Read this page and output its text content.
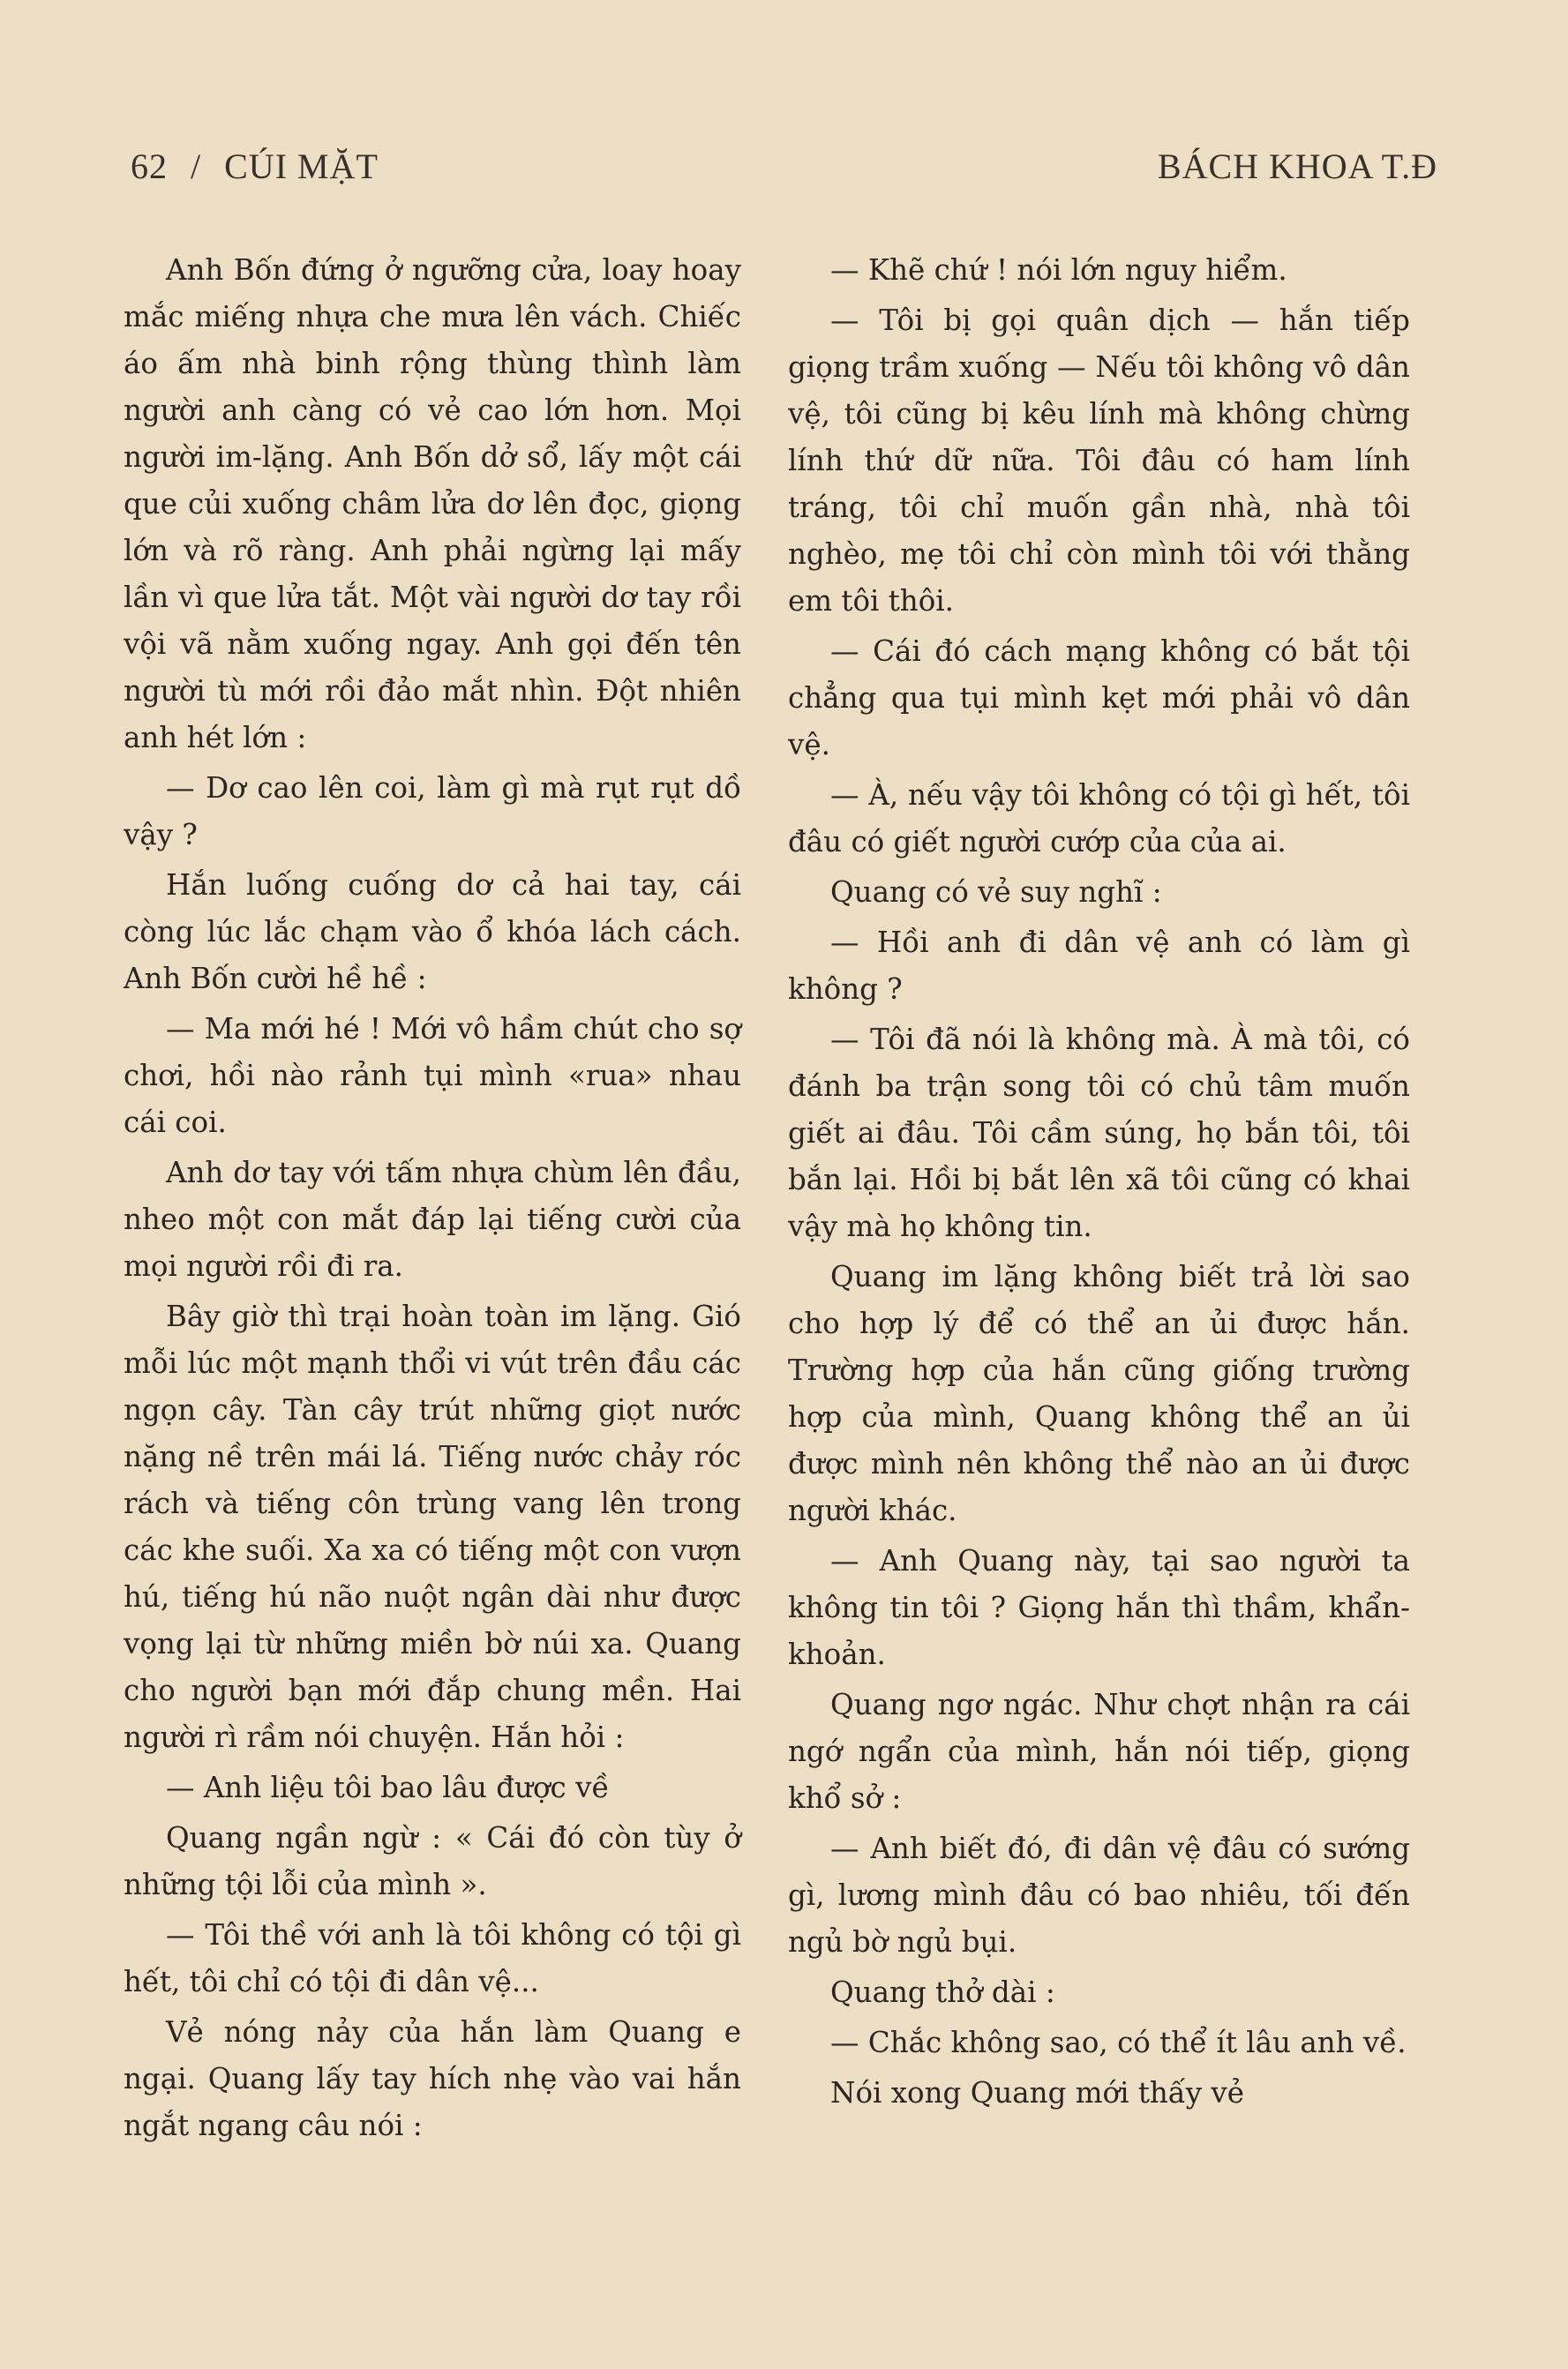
62 / CÚI MẶT	BÁCH KHOA T.Đ

Anh Bốn đứng ở ngưỡng cửa, loay hoay mắc miếng nhựa che mưa lên vách. Chiếc áo ấm nhà binh rộng thùng thình làm người anh càng có vẻ cao lớn hơn. Mọi người im-lặng. Anh Bốn dở sổ, lấy một cái que củi xuống châm lửa dơ lên đọc, giọng lớn và rõ ràng. Anh phải ngừng lại mấy lần vì que lửa tắt. Một vài người dơ tay rồi vội vã nằm xuống ngay. Anh gọi đến tên người tù mới rồi đảo mắt nhìn. Đột nhiên anh hét lớn :

— Dơ cao lên coi, làm gì mà rụt rụt dồ vậy ?

Hắn luống cuống dơ cả hai tay, cái còng lúc lắc chạm vào ổ khóa lách cách. Anh Bốn cười hề hề :

— Ma mới hé ! Mới vô hầm chút cho sợ chơi, hồi nào rảnh tụi mình «rua» nhau cái coi.

Anh dơ tay với tấm nhựa chùm lên đầu, nheo một con mắt đáp lại tiếng cười của mọi người rồi đi ra.

Bây giờ thì trại hoàn toàn im lặng. Gió mỗi lúc một mạnh thổi vi vút trên đầu các ngọn cây. Tàn cây trút những giọt nước nặng nề trên mái lá. Tiếng nước chảy róc rách và tiếng côn trùng vang lên trong các khe suối. Xa xa có tiếng một con vượn hú, tiếng hú não nuột ngân dài như được vọng lại từ những miền bờ núi xa. Quang cho người bạn mới đắp chung mền. Hai người rì rầm nói chuyện. Hắn hỏi :

— Anh liệu tôi bao lâu được về

Quang ngần ngừ : « Cái đó còn tùy ở những tội lỗi của mình ».

— Tôi thề với anh là tôi không có tội gì hết, tôi chỉ có tội đi dân vệ...

Vẻ nóng nảy của hắn làm Quang e ngại. Quang lấy tay hích nhẹ vào vai hắn ngắt ngang câu nói :

— Khẽ chứ ! nói lớn nguy hiểm.

— Tôi bị gọi quân dịch — hắn tiếp giọng trầm xuống — Nếu tôi không vô dân vệ, tôi cũng bị kêu lính mà không chừng lính thứ dữ nữa. Tôi đâu có ham lính tráng, tôi chỉ muốn gần nhà, nhà tôi nghèo, mẹ tôi chỉ còn mình tôi với thằng em tôi thôi.

— Cái đó cách mạng không có bắt tội chẳng qua tụi mình kẹt mới phải vô dân vệ.

— À, nếu vậy tôi không có tội gì hết, tôi đâu có giết người cướp của của ai.

Quang có vẻ suy nghĩ :

— Hồi anh đi dân vệ anh có làm gì không ?

— Tôi đã nói là không mà. À mà tôi, có đánh ba trận song tôi có chủ tâm muốn giết ai đâu. Tôi cầm súng, họ bắn tôi, tôi bắn lại. Hồi bị bắt lên xã tôi cũng có khai vậy mà họ không tin.

Quang im lặng không biết trả lời sao cho hợp lý để có thể an ủi được hắn. Trường hợp của hắn cũng giống trường hợp của mình, Quang không thể an ủi được mình nên không thể nào an ủi được người khác.

— Anh Quang này, tại sao người ta không tin tôi ? Giọng hắn thì thầm, khẩn-khoản.

Quang ngơ ngác. Như chợt nhận ra cái ngớ ngẩn của mình, hắn nói tiếp, giọng khổ sở :

— Anh biết đó, đi dân vệ đâu có sướng gì, lương mình đâu có bao nhiêu, tối đến ngủ bờ ngủ bụi.

Quang thở dài :

— Chắc không sao, có thể ít lâu anh về.

Nói xong Quang mới thấy vẻ
